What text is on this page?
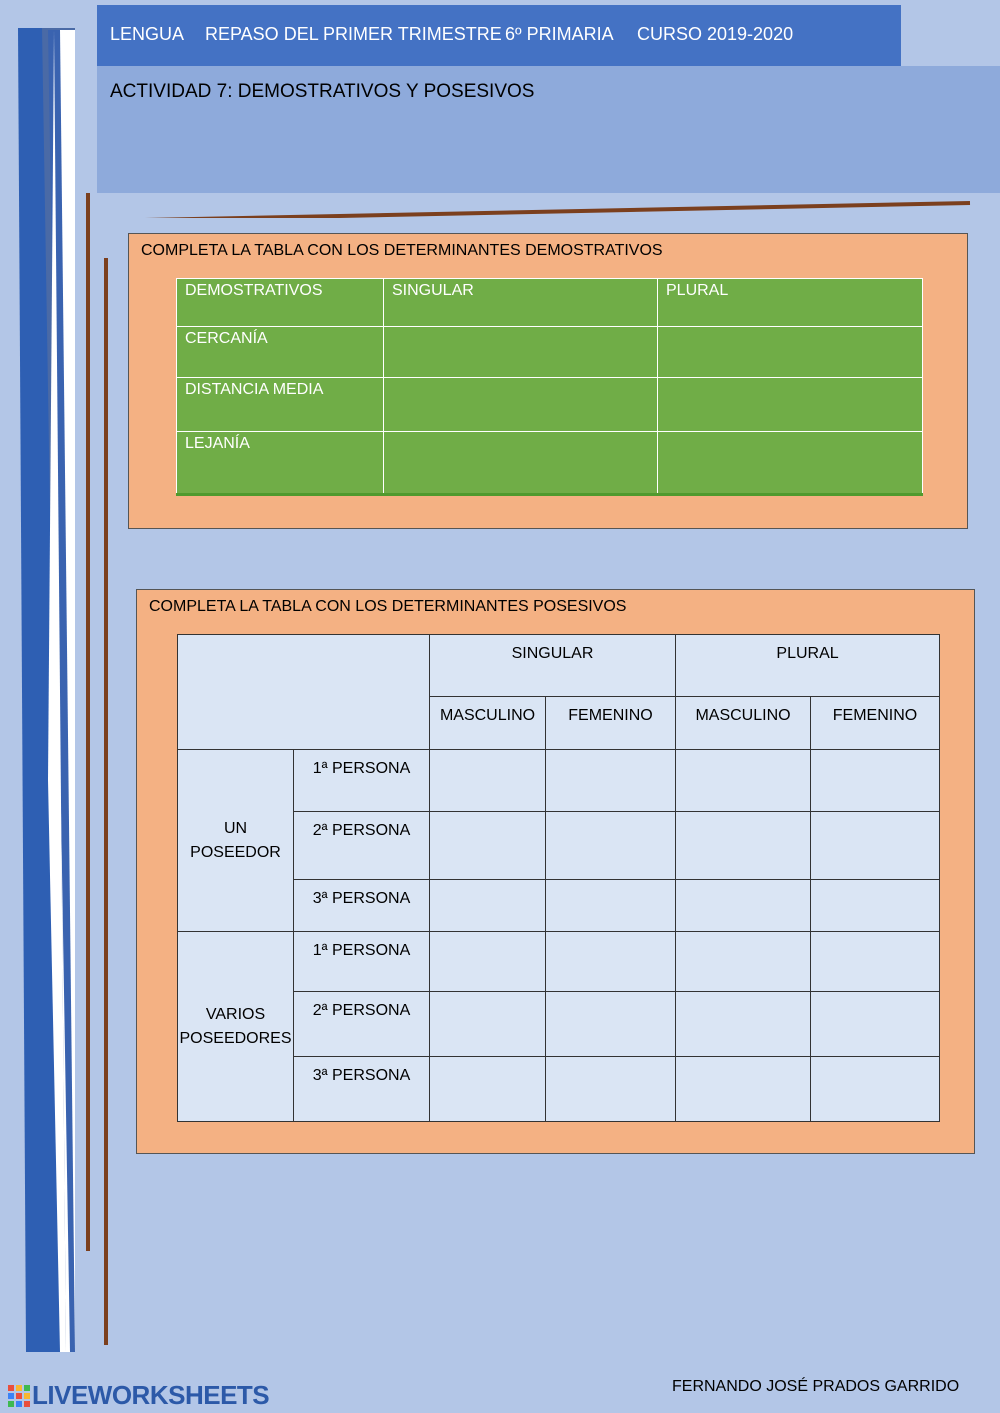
LENGUA REPASO DEL PRIMER TRIMESTRE 6º PRIMARIA CURSO 2019-2020
ACTIVIDAD 7: DEMOSTRATIVOS Y POSESIVOS
COMPLETA LA TABLA CON LOS DETERMINANTES DEMOSTRATIVOS
DEMOSTRATIVOS	SINGULAR	PLURAL
CERCANÍA		
DISTANCIA MEDIA		
LEJANÍA		
COMPLETA LA TABLA CON LOS DETERMINANTES POSESIVOS
		SINGULAR		PLURAL	
		MASCULINO	FEMENINO	MASCULINO	FEMENINO

UN
POSEEDOR	1ª PERSONA				
	2ª PERSONA				
	3ª PERSONA				

VARIOS
POSEEDORES	1ª PERSONA				
	2ª PERSONA				
	3ª PERSONA				
LIVEWORKSHEETS	FERNANDO JOSÉ PRADOS GARRIDO
